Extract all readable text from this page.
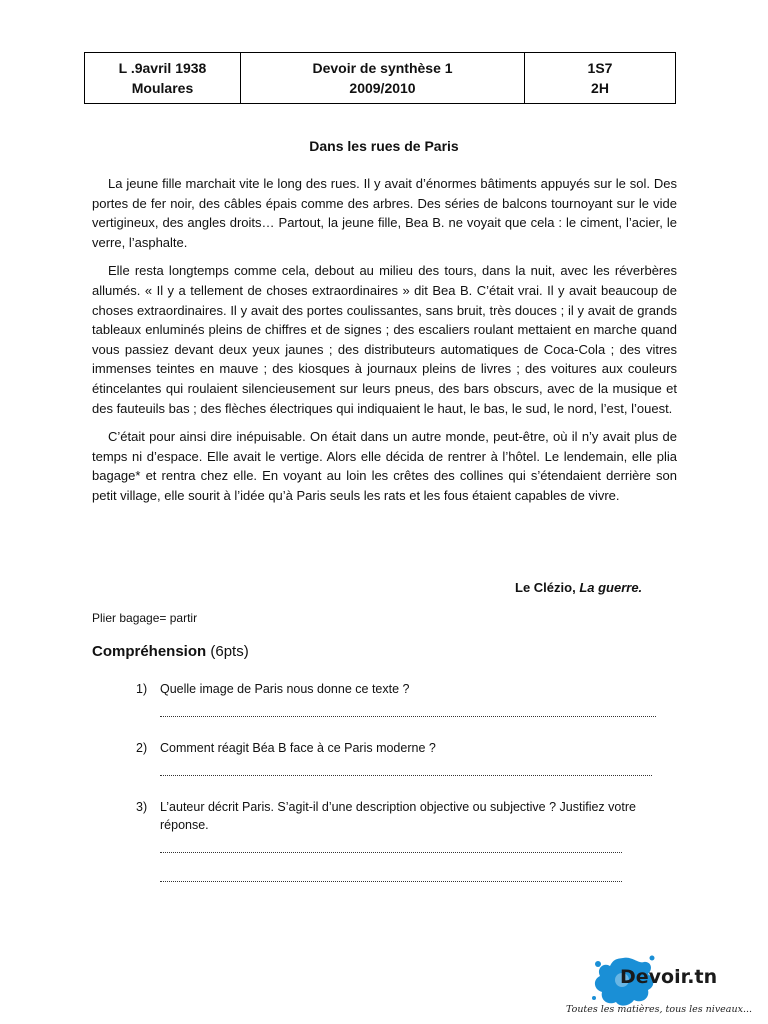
L .9avril 1938
Moulares

Devoir de synthèse 1
2009/2010

1S7
2H
Dans les rues de Paris

La jeune fille marchait vite le long des rues. Il y avait d’énormes bâtiments appuyés sur le sol. Des portes de fer noir, des câbles épais comme des arbres. Des séries de balcons tournoyant sur le vide vertigineux, des angles droits… Partout, la jeune fille, Bea B. ne voyait que cela : le ciment, l’acier, le verre, l’asphalte.

Elle resta longtemps comme cela, debout au milieu des tours, dans la nuit, avec les réverbères allumés. « Il y a tellement de choses extraordinaires » dit Bea B. C’était vrai. Il y avait beaucoup de choses extraordinaires. Il y avait des portes coulissantes, sans bruit, très douces ; il y avait de grands tableaux enluminés pleins de chiffres et de signes ; des escaliers roulant mettaient en marche quand vous passiez devant deux yeux jaunes ; des distributeurs automatiques de Coca-Cola ; des vitres immenses teintes en mauve ; des kiosques à journaux pleins de livres ; des voitures aux couleurs étincelantes qui roulaient silencieusement sur leurs pneus, des bars obscurs, avec de la musique et des fauteuils bas ; des flèches électriques qui indiquaient le haut, le bas, le sud, le nord, l’est, l’ouest.

C’était pour ainsi dire inépuisable. On était dans un autre monde, peut-être, où il n’y avait plus de temps ni d’espace. Elle avait le vertige. Alors elle décida de rentrer à l’hôtel. Le lendemain, elle plia bagage* et rentra chez elle. En voyant au loin les crêtes des collines qui s’étendaient derrière son petit village, elle sourit à l’idée qu’à Paris seuls les rats et les fous étaient capables de vivre.

Le Clézio, La guerre.
Plier bagage= partir
Compréhension (6pts)
1) Quelle image de Paris nous donne ce texte ?
2) Comment réagit Béa B face à ce Paris moderne ?
3) L’auteur décrit Paris. S’agit-il d’une description objective ou subjective ? Justifiez votre réponse.
Devoir.tn
Toutes les matières, tous les niveaux...
